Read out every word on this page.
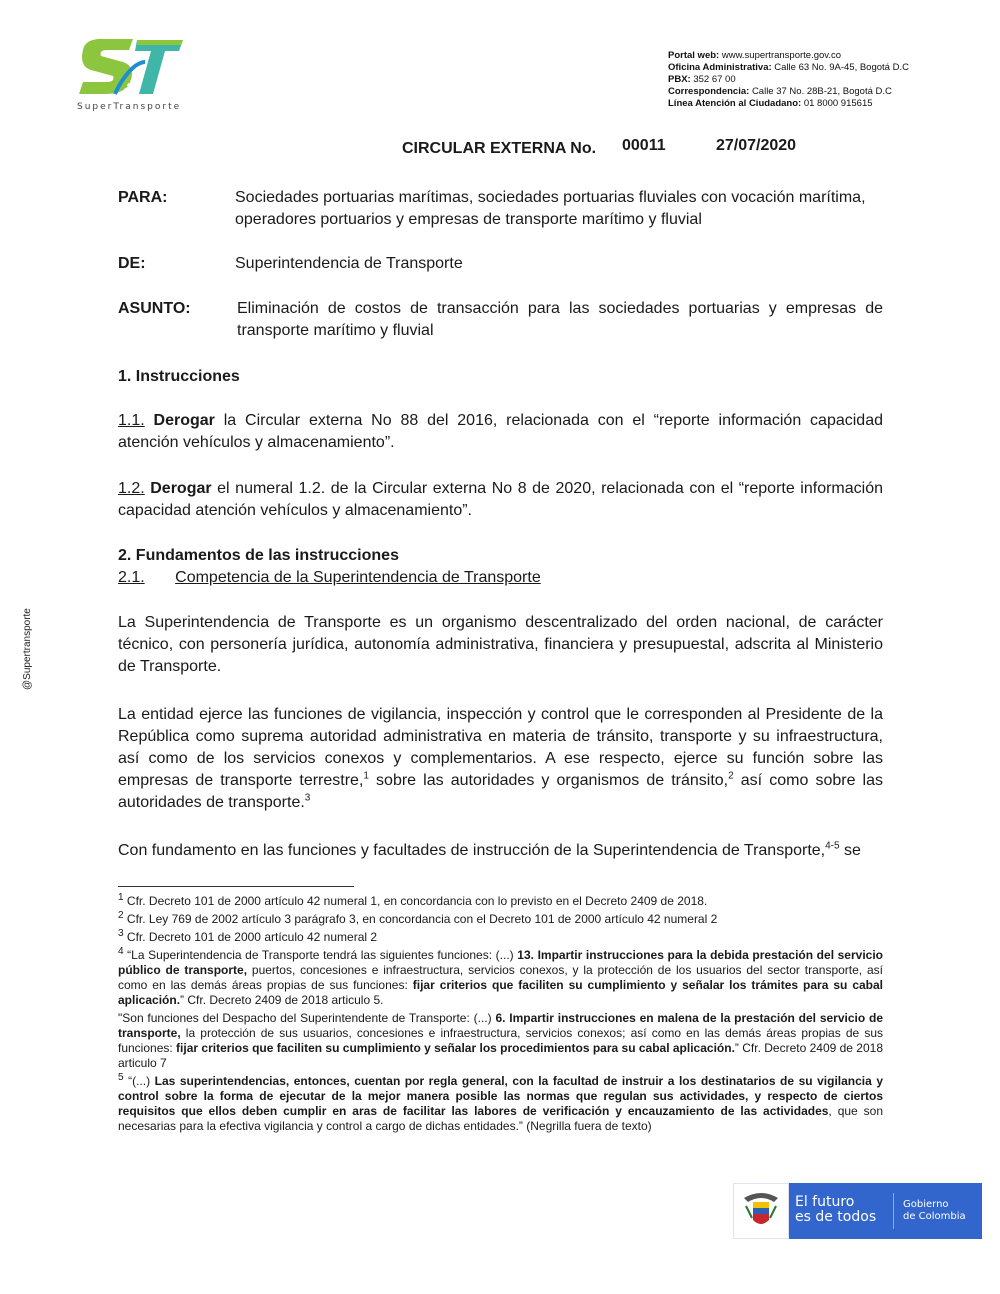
SuperTransporte
Portal web: www.supertransporte.gov.co
Oficina Administrativa: Calle 63 No. 9A-45, Bogotá D.C
PBX: 352 67 00
Correspondencia: Calle 37 No. 28B-21, Bogotá D.C
Línea Atención al Ciudadano: 01 8000 915615
CIRCULAR EXTERNA No. 00011	27/07/2020
PARA:	Sociedades portuarias marítimas, sociedades portuarias fluviales con vocación marítima, operadores portuarios y empresas de transporte marítimo y fluvial
DE:	Superintendencia de Transporte
ASUNTO:	Eliminación de costos de transacción para las sociedades portuarias y empresas de transporte marítimo y fluvial
1. Instrucciones
1.1. Derogar la Circular externa No 88 del 2016, relacionada con el “reporte información capacidad atención vehículos y almacenamiento”.
1.2. Derogar el numeral 1.2. de la Circular externa No 8 de 2020, relacionada con el “reporte información capacidad atención vehículos y almacenamiento”.
2. Fundamentos de las instrucciones
2.1. Competencia de la Superintendencia de Transporte
La Superintendencia de Transporte es un organismo descentralizado del orden nacional, de carácter técnico, con personería jurídica, autonomía administrativa, financiera y presupuestal, adscrita al Ministerio de Transporte.
La entidad ejerce las funciones de vigilancia, inspección y control que le corresponden al Presidente de la República como suprema autoridad administrativa en materia de tránsito, transporte y su infraestructura, así como de los servicios conexos y complementarios. A ese respecto, ejerce su función sobre las empresas de transporte terrestre,$^1$ sobre las autoridades y organismos de tránsito,$^2$ así como sobre las autoridades de transporte.$^3$
Con fundamento en las funciones y facultades de instrucción de la Superintendencia de Transporte,$^{4-5}$ se
$^1$ Cfr. Decreto 101 de 2000 artículo 42 numeral 1, en concordancia con lo previsto en el Decreto 2409 de 2018.
$^2$ Cfr. Ley 769 de 2002 artículo 3 parágrafo 3, en concordancia con el Decreto 101 de 2000 artículo 42 numeral 2
$^3$ Cfr. Decreto 101 de 2000 artículo 42 numeral 2
$^4$ “La Superintendencia de Transporte tendrá las siguientes funciones: (...) 13. Impartir instrucciones para la debida prestación del servicio público de transporte, puertos, concesiones e infraestructura, servicios conexos, y la protección de los usuarios del sector transporte, así como en las demás áreas propias de sus funciones: fijar criterios que faciliten su cumplimiento y señalar los trámites para su cabal aplicación.” Cfr. Decreto 2409 de 2018 articulo 5.
"Son funciones del Despacho del Superintendente de Transporte: (...) 6. Impartir instrucciones en malena de la prestación del servicio de transporte, la protección de sus usuarios, concesiones e infraestructura, servicios conexos; así como en las demás áreas propias de sus funciones: fijar criterios que faciliten su cumplimiento y señalar los procedimientos para su cabal aplicación.” Cfr. Decreto 2409 de 2018 articulo 7
$^5$ “(...) Las superintendencias, entonces, cuentan por regla general, con la facultad de instruir a los destinatarios de su vigilancia y control sobre la forma de ejecutar de la mejor manera posible las normas que regulan sus actividades, y respecto de ciertos requisitos que ellos deben cumplir en aras de facilitar las labores de verificación y encauzamiento de las actividades, que son necesarias para la efectiva vigilancia y control a cargo de dichas entidades.” (Negrilla fuera de texto)
@Supertransporte
El futuro
es de todos
Gobierno
de Colombia
